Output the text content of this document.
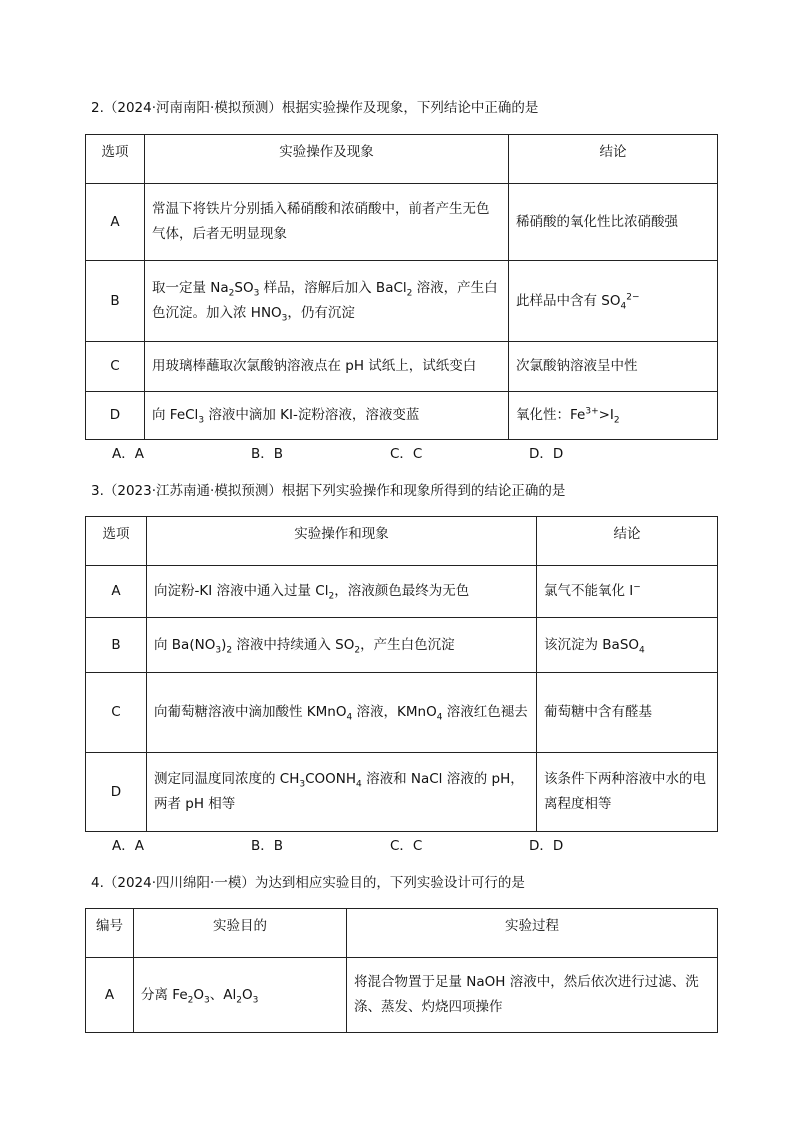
2.（2024·河南南阳·模拟预测）根据实验操作及现象，下列结论中正确的是
选项	实验操作及现象	结论
A	常温下将铁片分别插入稀硝酸和浓硝酸中，前者产生无色气体，后者无明显现象	稀硝酸的氧化性比浓硝酸强
B	取一定量 $Na_2SO_3$ 样品，溶解后加入 BaCl$_2$ 溶液，产生白色沉淀。加入浓 $HNO_3$，仍有沉淀	此样品中含有 $SO_4^{2-}$
C	用玻璃棒蘸取次氯酸钠溶液点在 pH 试纸上，试纸变白	次氯酸钠溶液呈中性
D	向 FeCl$_3$ 溶液中滴加 KI-淀粉溶液，溶液变蓝	氧化性：$Fe^{3+}>I_2$
A．A	B．B	C．C	D．D
3.（2023·江苏南通·模拟预测）根据下列实验操作和现象所得到的结论正确的是
选项	实验操作和现象	结论
A	向淀粉-KI 溶液中通入过量 $Cl_2$，溶液颜色最终为无色	氯气不能氧化 I−
B	向 $Ba(NO_3)_2$ 溶液中持续通入 $SO_2$，产生白色沉淀	该沉淀为 BaSO$_4$
C	向葡萄糖溶液中滴加酸性 KMnO$_4$ 溶液，KMnO$_4$ 溶液红色褪去	葡萄糖中含有醛基
D	测定同温度同浓度的 $CH_3COONH_4$ 溶液和 NaCl 溶液的 pH，两者 pH 相等	该条件下两种溶液中水的电离程度相等
A．A	B．B	C．C	D．D
4.（2024·四川绵阳·一模）为达到相应实验目的，下列实验设计可行的是
编号	实验目的	实验过程
A	分离 $Fe_2O_3$、$Al_2O_3$	将混合物置于足量 NaOH 溶液中，然后依次进行过滤、洗涤、蒸发、灼烧四项操作
